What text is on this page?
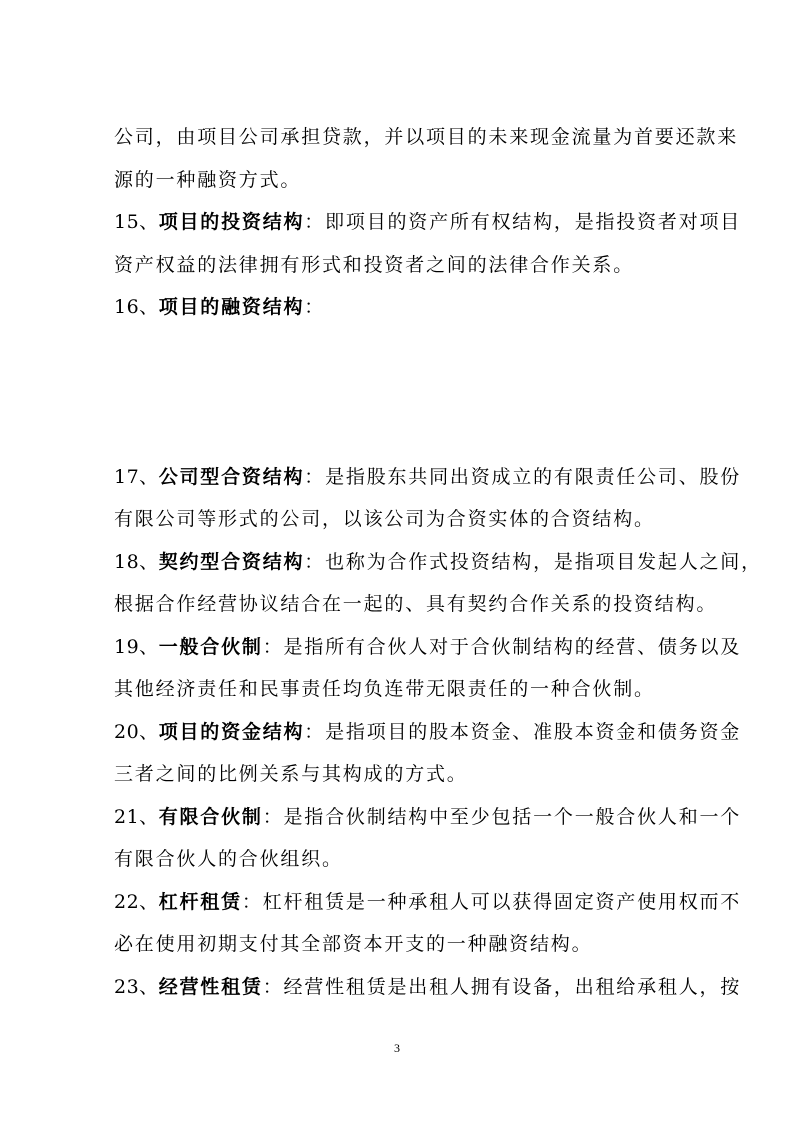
公司，由项目公司承担贷款，并以项目的未来现金流量为首要还款来
源的一种融资方式。
15、项目的投资结构：即项目的资产所有权结构，是指投资者对项目
资产权益的法律拥有形式和投资者之间的法律合作关系。
16、项目的融资结构：
17、公司型合资结构：是指股东共同出资成立的有限责任公司、股份
有限公司等形式的公司，以该公司为合资实体的合资结构。
18、契约型合资结构：也称为合作式投资结构，是指项目发起人之间，
根据合作经营协议结合在一起的、具有契约合作关系的投资结构。
19、一般合伙制：是指所有合伙人对于合伙制结构的经营、债务以及
其他经济责任和民事责任均负连带无限责任的一种合伙制。
20、项目的资金结构：是指项目的股本资金、准股本资金和债务资金
三者之间的比例关系与其构成的方式。
21、有限合伙制：是指合伙制结构中至少包括一个一般合伙人和一个
有限合伙人的合伙组织。
22、杠杆租赁：杠杆租赁是一种承租人可以获得固定资产使用权而不
必在使用初期支付其全部资本开支的一种融资结构。
23、经营性租赁：经营性租赁是出租人拥有设备，出租给承租人，按
3
